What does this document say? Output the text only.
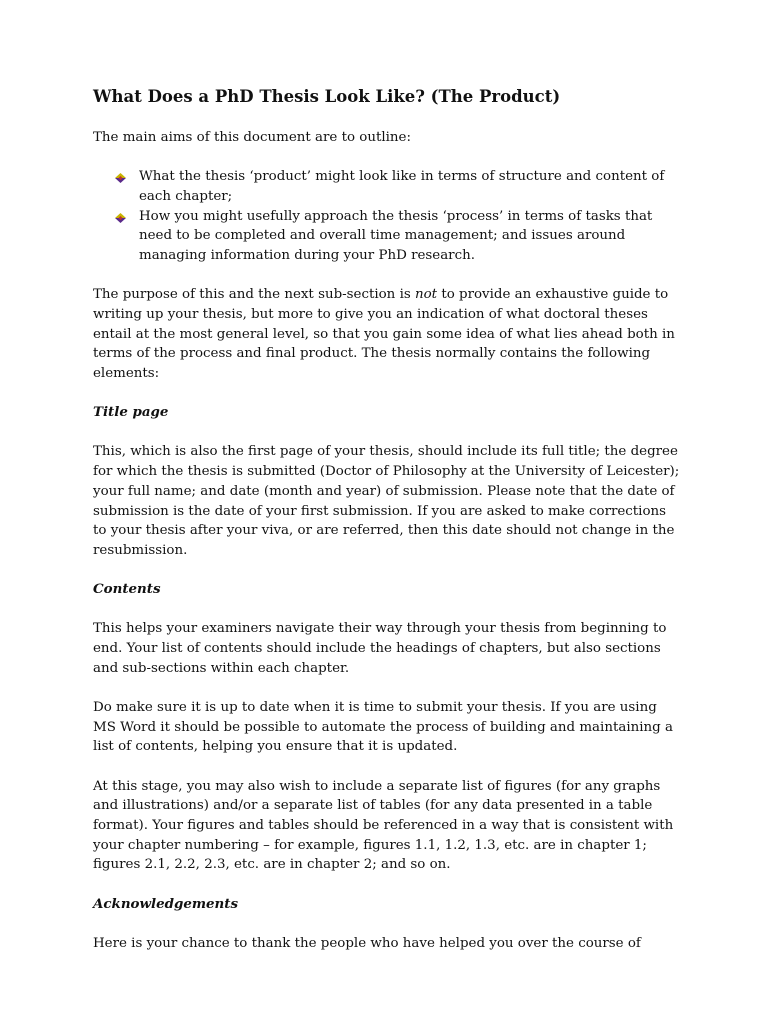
What Does a PhD Thesis Look Like? (The Product)

The main aims of this document are to outline:

What the thesis ‘product’ might look like in terms of structure and content of each chapter;
How you might usefully approach the thesis ‘process’ in terms of tasks that need to be completed and overall time management; and issues around managing information during your PhD research.

The purpose of this and the next sub-section is not to provide an exhaustive guide to writing up your thesis, but more to give you an indication of what doctoral theses entail at the most general level, so that you gain some idea of what lies ahead both in terms of the process and final product. The thesis normally contains the following elements:

Title page

This, which is also the first page of your thesis, should include its full title; the degree for which the thesis is submitted (Doctor of Philosophy at the University of Leicester); your full name; and date (month and year) of submission. Please note that the date of submission is the date of your first submission. If you are asked to make corrections to your thesis after your viva, or are referred, then this date should not change in the resubmission.

Contents

This helps your examiners navigate their way through your thesis from beginning to end. Your list of contents should include the headings of chapters, but also sections and sub-sections within each chapter.

Do make sure it is up to date when it is time to submit your thesis. If you are using MS Word it should be possible to automate the process of building and maintaining a list of contents, helping you ensure that it is updated.

At this stage, you may also wish to include a separate list of figures (for any graphs and illustrations) and/or a separate list of tables (for any data presented in a table format). Your figures and tables should be referenced in a way that is consistent with your chapter numbering – for example, figures 1.1, 1.2, 1.3, etc. are in chapter 1; figures 2.1, 2.2, 2.3, etc. are in chapter 2; and so on.

Acknowledgements

Here is your chance to thank the people who have helped you over the course of
